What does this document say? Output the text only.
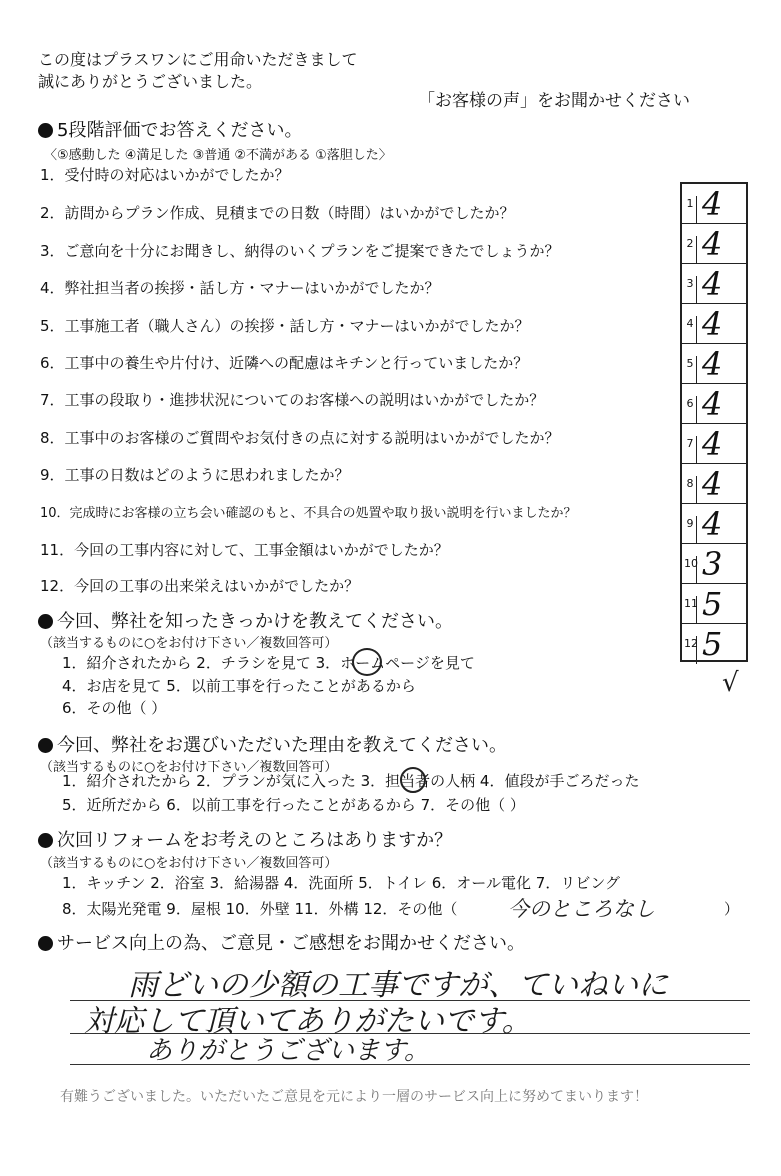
この度はプラスワンにご用命いただきまして
誠にありがとうございました。
「お客様の声」をお聞かせください
5段階評価でお答えください。
〈⑤感動した ④満足した ③普通 ②不満がある ①落胆した〉
1．受付時の対応はいかがでしたか？
2．訪問からプラン作成、見積までの日数（時間）はいかがでしたか？
3．ご意向を十分にお聞きし、納得のいくプランをご提案できたでしょうか？
4．弊社担当者の挨拶・話し方・マナーはいかがでしたか？
5．工事施工者（職人さん）の挨拶・話し方・マナーはいかがでしたか？
6．工事中の養生や片付け、近隣への配慮はキチンと行っていましたか？
7．工事の段取り・進捗状況についてのお客様への説明はいかがでしたか？
8．工事中のお客様のご質問やお気付きの点に対する説明はいかがでしたか？
9．工事の日数はどのように思われましたか？
10．完成時にお客様の立ち会い確認のもと、不具合の処置や取り扱い説明を行いましたか？
11．今回の工事内容に対して、工事金額はいかがでしたか？
12．今回の工事の出来栄えはいかがでしたか？
1 4
2 4
3 4
4 4
5 4
6 4
7 4
8 4
9 4
10 3
11 5
12 5
√
今回、弊社を知ったきっかけを教えてください。
（該当するものに○をお付け下さい／複数回答可）
1．紹介されたから 2．チラシを見て 3．ホームページを見て
4．お店を見て 5．以前工事を行ったことがあるから
6．その他（ ）
今回、弊社をお選びいただいた理由を教えてください。
（該当するものに○をお付け下さい／複数回答可）
1．紹介されたから 2．プランが気に入った 3．担当者の人柄 4．値段が手ごろだった
5．近所だから 6．以前工事を行ったことがあるから 7．その他（ ）
次回リフォームをお考えのところはありますか？
（該当するものに○をお付け下さい／複数回答可）
1．キッチン 2．浴室 3．給湯器 4．洗面所 5．トイレ 6．オール電化 7．リビング
8．太陽光発電 9．屋根 10．外壁 11．外構 12．その他（ 今のところなし	）
サービス向上の為、ご意見・ご感想をお聞かせください。
雨どいの少額の工事ですが、ていねいに
対応して頂いてありがたいです。
ありがとうございます。
有難うございました。いただいたご意見を元により一層のサービス向上に努めてまいります！
